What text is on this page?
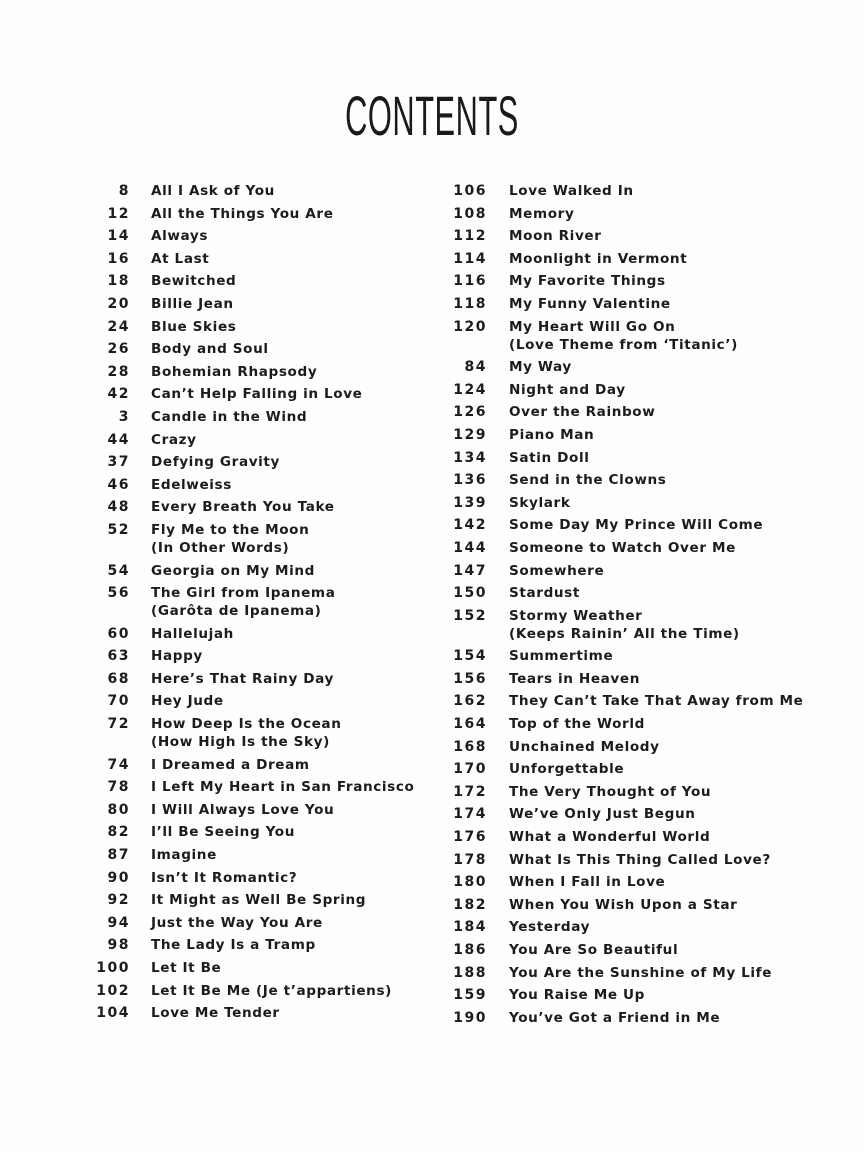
CONTENTS
8 All I Ask of You
12 All the Things You Are
14 Always
16 At Last
18 Bewitched
20 Billie Jean
24 Blue Skies
26 Body and Soul
28 Bohemian Rhapsody
42 Can’t Help Falling in Love
3 Candle in the Wind
44 Crazy
37 Defying Gravity
46 Edelweiss
48 Every Breath You Take
52 Fly Me to the Moon
(In Other Words)
54 Georgia on My Mind
56 The Girl from Ipanema
(Garôta de Ipanema)
60 Hallelujah
63 Happy
68 Here’s That Rainy Day
70 Hey Jude
72 How Deep Is the Ocean
(How High Is the Sky)
74 I Dreamed a Dream
78 I Left My Heart in San Francisco
80 I Will Always Love You
82 I’ll Be Seeing You
87 Imagine
90 Isn’t It Romantic?
92 It Might as Well Be Spring
94 Just the Way You Are
98 The Lady Is a Tramp
100 Let It Be
102 Let It Be Me (Je t’appartiens)
104 Love Me Tender
106 Love Walked In
108 Memory
112 Moon River
114 Moonlight in Vermont
116 My Favorite Things
118 My Funny Valentine
120 My Heart Will Go On
(Love Theme from ‘Titanic’)
84 My Way
124 Night and Day
126 Over the Rainbow
129 Piano Man
134 Satin Doll
136 Send in the Clowns
139 Skylark
142 Some Day My Prince Will Come
144 Someone to Watch Over Me
147 Somewhere
150 Stardust
152 Stormy Weather
(Keeps Rainin’ All the Time)
154 Summertime
156 Tears in Heaven
162 They Can’t Take That Away from Me
164 Top of the World
168 Unchained Melody
170 Unforgettable
172 The Very Thought of You
174 We’ve Only Just Begun
176 What a Wonderful World
178 What Is This Thing Called Love?
180 When I Fall in Love
182 When You Wish Upon a Star
184 Yesterday
186 You Are So Beautiful
188 You Are the Sunshine of My Life
159 You Raise Me Up
190 You’ve Got a Friend in Me
